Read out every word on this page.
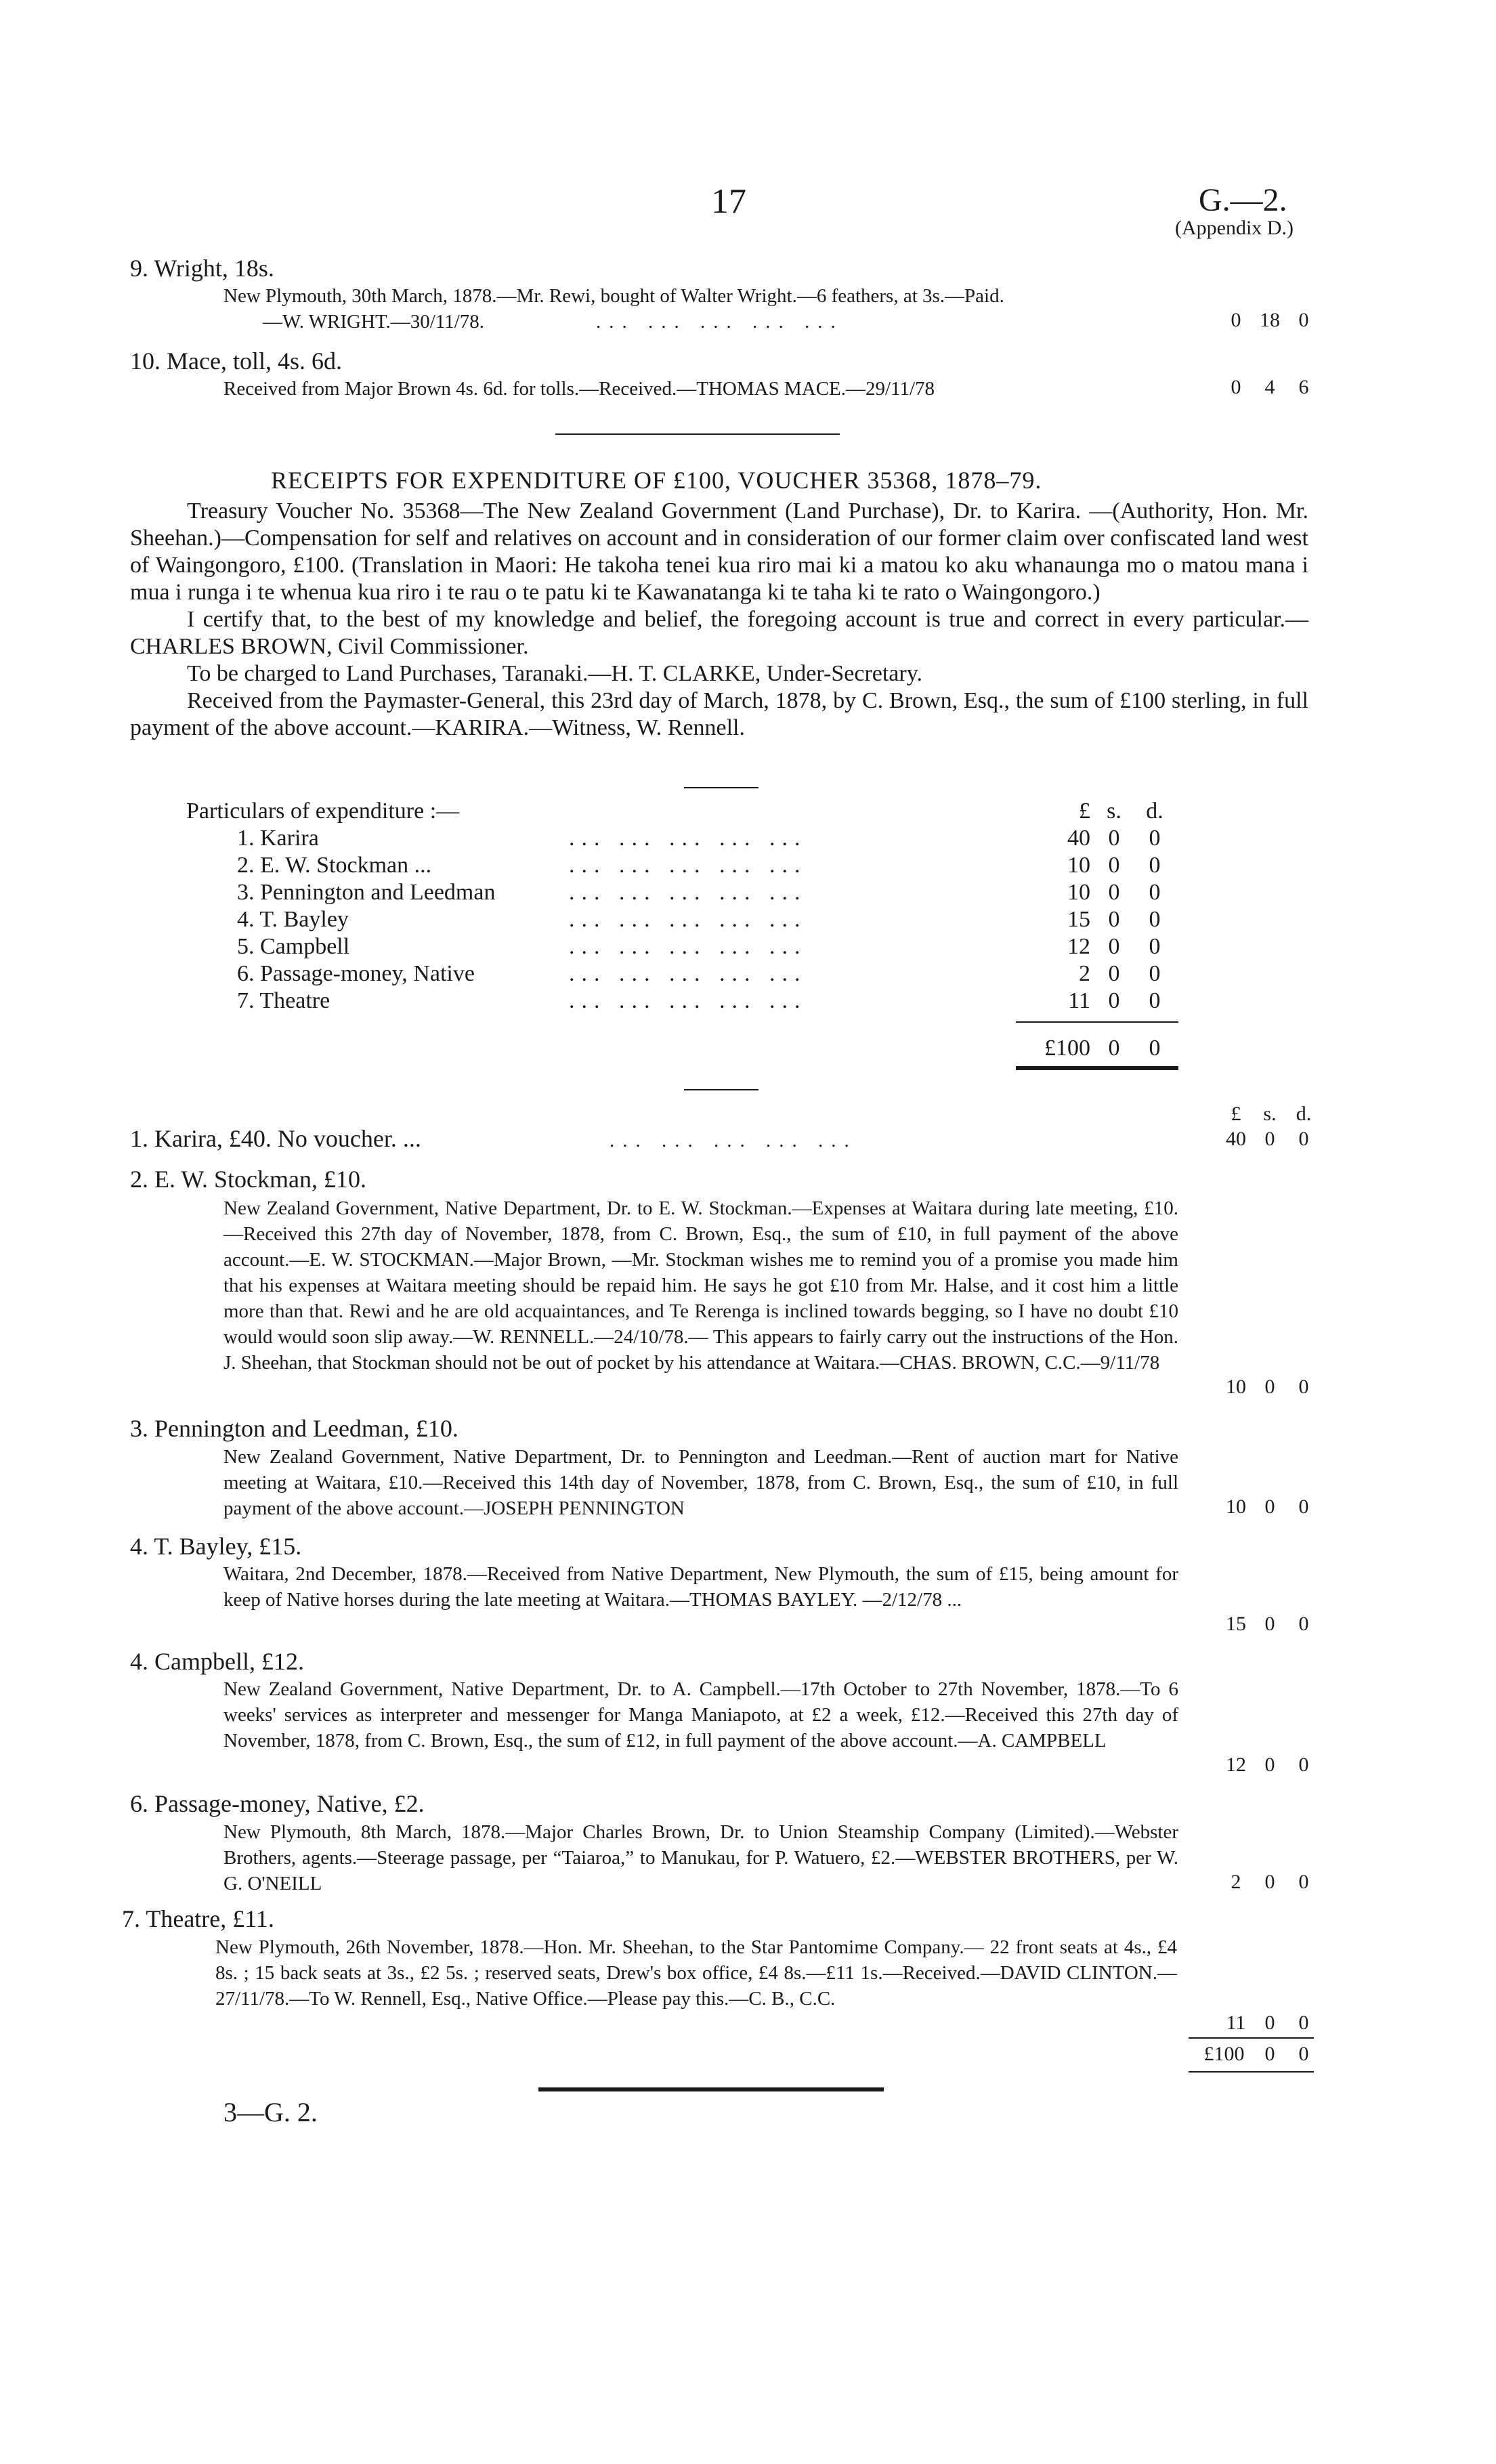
17	G.—2.
(Appendix D.)
9. Wright, 18s.
New Plymouth, 30th March, 1878.—Mr. Rewi, bought of Walter Wright.—6 feathers, at 3s.—Paid.
—W. WRIGHT.—30/11/78.	... ... ... ... ...	0 18 0
10. Mace, toll, 4s. 6d.
Received from Major Brown 4s. 6d. for tolls.—Received.—THOMAS MACE.—29/11/78	0 4 6
RECEIPTS FOR EXPENDITURE OF £100, VOUCHER 35368, 1878–79.

Treasury Voucher No. 35368—The New Zealand Government (Land Purchase), Dr. to Karira. —(Authority, Hon. Mr. Sheehan.)—Compensation for self and relatives on account and in consideration of our former claim over confiscated land west of Waingongoro, £100. (Translation in Maori: He takoha tenei kua riro mai ki a matou ko aku whanaunga mo o matou mana i mua i runga i te whenua kua riro i te rau o te patu ki te Kawanatanga ki te taha ki te rato o Waingongoro.)

I certify that, to the best of my knowledge and belief, the foregoing account is true and correct in every particular.—CHARLES BROWN, Civil Commissioner.

To be charged to Land Purchases, Taranaki.—H. T. CLARKE, Under-Secretary.

Received from the Paymaster-General, this 23rd day of March, 1878, by C. Brown, Esq., the sum of £100 sterling, in full payment of the above account.—KARIRA.—Witness, W. Rennell.

Particulars of expenditure :—	£ s.	d.
1. Karira	... ... ... ... ...	40 0	0
2. E. W. Stockman ...	... ... ... ... ...	10 0	0
3. Pennington and Leedman	... ... ... ... ...	10 0	0
4. T. Bayley	... ... ... ... ...	15 0	0
5. Campbell	... ... ... ... ...	12 0	0
6. Passage-money, Native	... ... ... ... ...	2 0	0
7. Theatre	... ... ... ... ...	11 0	0
£100 0	0
£ s. d.
1. Karira, £40. No voucher. ...	... ... ... ... ...	40 0 0
2. E. W. Stockman, £10.
New Zealand Government, Native Department, Dr. to E. W. Stockman.—Expenses at Waitara during late meeting, £10.—Received this 27th day of November, 1878, from C. Brown, Esq., the sum of £10, in full payment of the above account.—E. W. STOCKMAN.—Major Brown, —Mr. Stockman wishes me to remind you of a promise you made him that his expenses at Waitara meeting should be repaid him. He says he got £10 from Mr. Halse, and it cost him a little more than that. Rewi and he are old acquaintances, and Te Rerenga is inclined towards begging, so I have no doubt £10 would would soon slip away.—W. RENNELL.—24/10/78.— This appears to fairly carry out the instructions of the Hon. J. Sheehan, that Stockman should not be out of pocket by his attendance at Waitara.—CHAS. BROWN, C.C.—9/11/78
10 0 0
3. Pennington and Leedman, £10.
New Zealand Government, Native Department, Dr. to Pennington and Leedman.—Rent of auction mart for Native meeting at Waitara, £10.—Received this 14th day of November, 1878, from C. Brown, Esq., the sum of £10, in full payment of the above account.—JOSEPH PENNINGTON	10 0 0
4. T. Bayley, £15.
Waitara, 2nd December, 1878.—Received from Native Department, New Plymouth, the sum of £15, being amount for keep of Native horses during the late meeting at Waitara.—THOMAS BAYLEY. —2/12/78 ...
15 0 0
4. Campbell, £12.
New Zealand Government, Native Department, Dr. to A. Campbell.—17th October to 27th November, 1878.—To 6 weeks' services as interpreter and messenger for Manga Maniapoto, at £2 a week, £12.—Received this 27th day of November, 1878, from C. Brown, Esq., the sum of £12, in full payment of the above account.—A. CAMPBELL
12 0 0
6. Passage-money, Native, £2.
New Plymouth, 8th March, 1878.—Major Charles Brown, Dr. to Union Steamship Company (Limited).—Webster Brothers, agents.—Steerage passage, per “Taiaroa,” to Manukau, for P. Watuero, £2.—WEBSTER BROTHERS, per W. G. O'NEILL	2 0 0
7. Theatre, £11.
New Plymouth, 26th November, 1878.—Hon. Mr. Sheehan, to the Star Pantomime Company.— 22 front seats at 4s., £4 8s. ; 15 back seats at 3s., £2 5s. ; reserved seats, Drew's box office, £4 8s.—£11 1s.—Received.—DAVID CLINTON.—27/11/78.—To W. Rennell, Esq., Native Office.—Please pay this.—C. B., C.C.
11 0 0
£100 0 0
3—G. 2.
